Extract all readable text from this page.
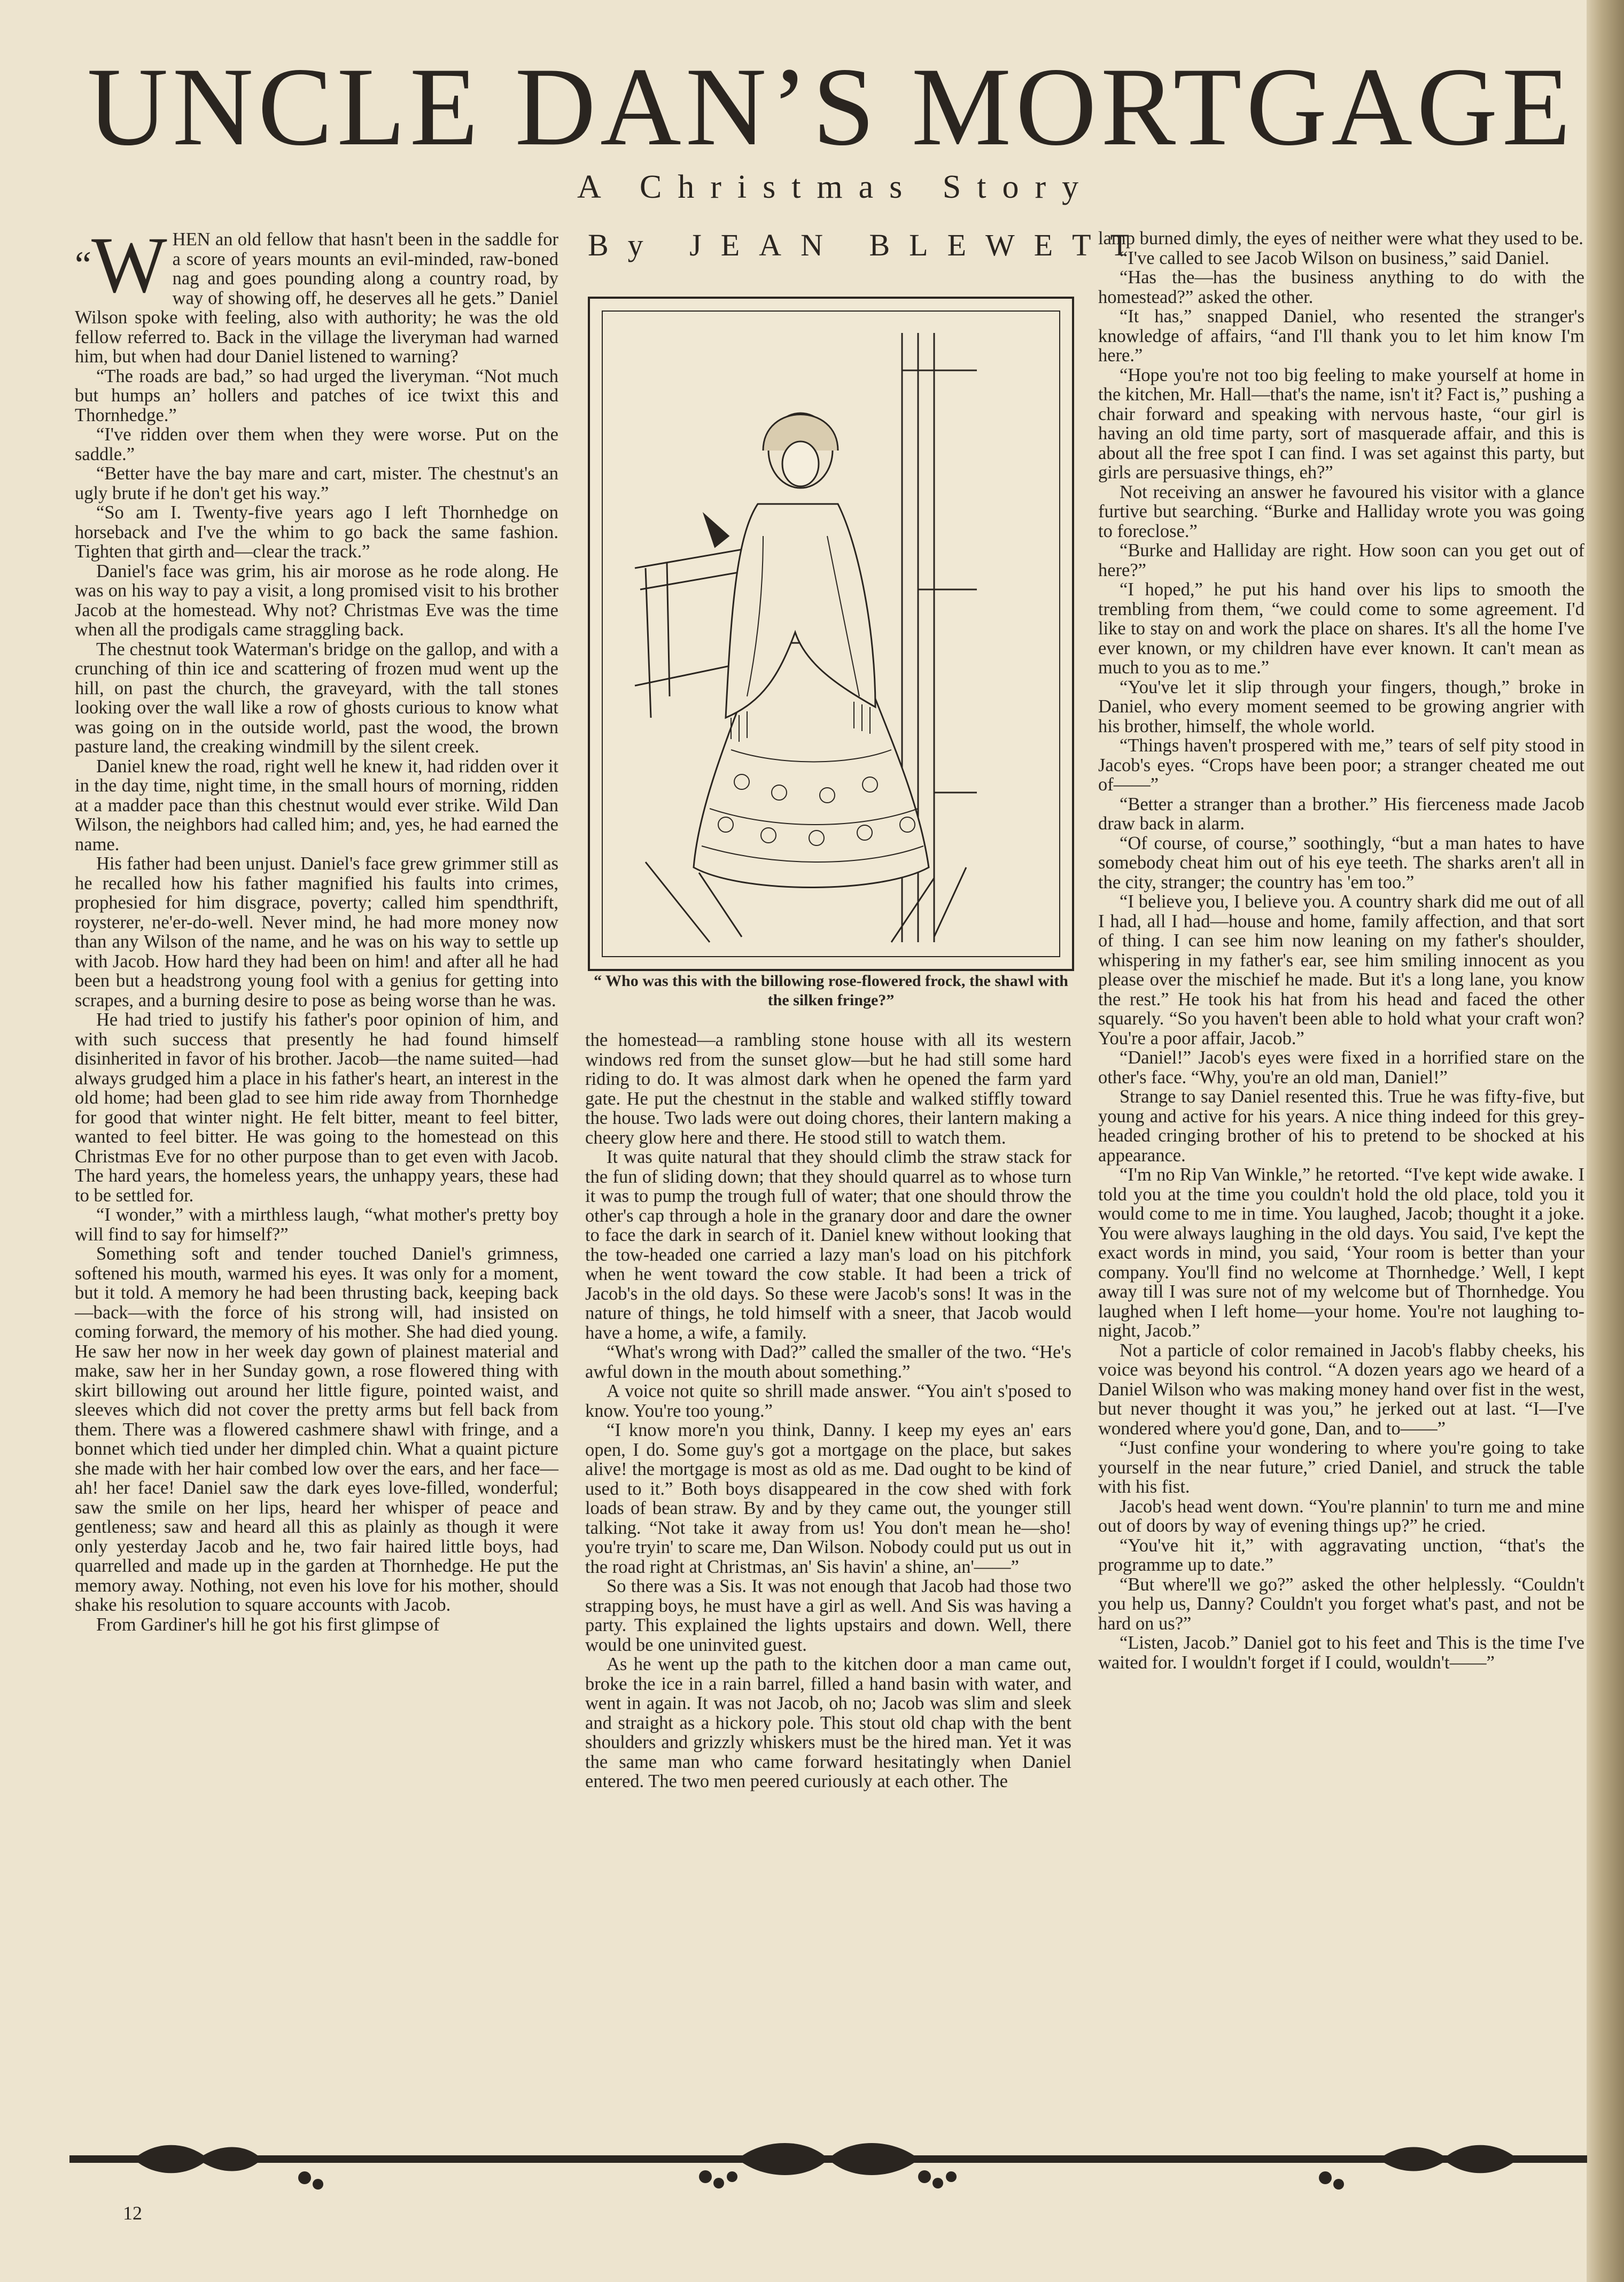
UNCLE DAN’S MORTGAGE
A Christmas Story
By JEAN BLEWETT

“W HEN an old fellow that hasn't been in the saddle for a score of years mounts an evil-minded, raw-boned nag and goes pounding along a country road, by way of showing off, he deserves all he gets.” Daniel Wilson spoke with feeling, also with authority; he was the old fellow referred to. Back in the village the liveryman had warned him, but when had dour Daniel listened to warning?

“The roads are bad,” so had urged the liveryman. “Not much but humps an’ hollers and patches of ice twixt this and Thornhedge.”

“I've ridden over them when they were worse. Put on the saddle.”

“Better have the bay mare and cart, mister. The chestnut's an ugly brute if he don't get his way.”

“So am I. Twenty-five years ago I left Thornhedge on horseback and I've the whim to go back the same fashion. Tighten that girth and—clear the track.”

Daniel's face was grim, his air morose as he rode along. He was on his way to pay a visit, a long promised visit to his brother Jacob at the homestead. Why not? Christmas Eve was the time when all the prodigals came straggling back.

The chestnut took Waterman's bridge on the gallop, and with a crunching of thin ice and scattering of frozen mud went up the hill, on past the church, the graveyard, with the tall stones looking over the wall like a row of ghosts curious to know what was going on in the outside world, past the wood, the brown pasture land, the creaking windmill by the silent creek.

Daniel knew the road, right well he knew it, had ridden over it in the day time, night time, in the small hours of morning, ridden at a madder pace than this chestnut would ever strike. Wild Dan Wilson, the neighbors had called him; and, yes, he had earned the name.

His father had been unjust. Daniel's face grew grimmer still as he recalled how his father magnified his faults into crimes, prophesied for him disgrace, poverty; called him spendthrift, roysterer, ne'er-do-well. Never mind, he had more money now than any Wilson of the name, and he was on his way to settle up with Jacob. How hard they had been on him! and after all he had been but a headstrong young fool with a genius for getting into scrapes, and a burning desire to pose as being worse than he was.

He had tried to justify his father's poor opinion of him, and with such success that presently he had found himself disinherited in favor of his brother. Jacob—the name suited—had always grudged him a place in his father's heart, an interest in the old home; had been glad to see him ride away from Thornhedge for good that winter night. He felt bitter, meant to feel bitter, wanted to feel bitter. He was going to the homestead on this Christmas Eve for no other purpose than to get even with Jacob. The hard years, the homeless years, the unhappy years, these had to be settled for.

“I wonder,” with a mirthless laugh, “what mother's pretty boy will find to say for himself?”

Something soft and tender touched Daniel's grimness, softened his mouth, warmed his eyes. It was only for a moment, but it told. A memory he had been thrusting back, keeping back—back—with the force of his strong will, had insisted on coming forward, the memory of his mother. She had died young. He saw her now in her week day gown of plainest material and make, saw her in her Sunday gown, a rose flowered thing with skirt billowing out around her little figure, pointed waist, and sleeves which did not cover the pretty arms but fell back from them. There was a flowered cashmere shawl with fringe, and a bonnet which tied under her dimpled chin. What a quaint picture she made with her hair combed low over the ears, and her face—ah! her face! Daniel saw the dark eyes love-filled, wonderful; saw the smile on her lips, heard her whisper of peace and gentleness; saw and heard all this as plainly as though it were only yesterday Jacob and he, two fair haired little boys, had quarrelled and made up in the garden at Thornhedge. He put the memory away. Nothing, not even his love for his mother, should shake his resolution to square accounts with Jacob.

From Gardiner's hill he got his first glimpse of

“ Who was this with the billowing rose-flowered frock, the shawl with the silken fringe?”

the homestead—a rambling stone house with all its western windows red from the sunset glow—but he had still some hard riding to do. It was almost dark when he opened the farm yard gate. He put the chestnut in the stable and walked stiffly toward the house. Two lads were out doing chores, their lantern making a cheery glow here and there. He stood still to watch them.

It was quite natural that they should climb the straw stack for the fun of sliding down; that they should quarrel as to whose turn it was to pump the trough full of water; that one should throw the other's cap through a hole in the granary door and dare the owner to face the dark in search of it. Daniel knew without looking that the tow-headed one carried a lazy man's load on his pitchfork when he went toward the cow stable. It had been a trick of Jacob's in the old days. So these were Jacob's sons! It was in the nature of things, he told himself with a sneer, that Jacob would have a home, a wife, a family.

“What's wrong with Dad?” called the smaller of the two. “He's awful down in the mouth about something.”

A voice not quite so shrill made answer. “You ain't s'posed to know. You're too young.”

“I know more'n you think, Danny. I keep my eyes an' ears open, I do. Some guy's got a mortgage on the place, but sakes alive! the mortgage is most as old as me. Dad ought to be kind of used to it.” Both boys disappeared in the cow shed with fork loads of bean straw. By and by they came out, the younger still talking. “Not take it away from us! You don't mean he—sho! you're tryin' to scare me, Dan Wilson. Nobody could put us out in the road right at Christmas, an' Sis havin' a shine, an'——”

So there was a Sis. It was not enough that Jacob had those two strapping boys, he must have a girl as well. And Sis was having a party. This explained the lights upstairs and down. Well, there would be one uninvited guest.

As he went up the path to the kitchen door a man came out, broke the ice in a rain barrel, filled a hand basin with water, and went in again. It was not Jacob, oh no; Jacob was slim and sleek and straight as a hickory pole. This stout old chap with the bent shoulders and grizzly whiskers must be the hired man. Yet it was the same man who came forward hesitatingly when Daniel entered. The two men peered curiously at each other. The

lamp burned dimly, the eyes of neither were what they used to be.

“I've called to see Jacob Wilson on business,” said Daniel.

“Has the—has the business anything to do with the homestead?” asked the other.

“It has,” snapped Daniel, who resented the stranger's knowledge of affairs, “and I'll thank you to let him know I'm here.”

“Hope you're not too big feeling to make yourself at home in the kitchen, Mr. Hall—that's the name, isn't it? Fact is,” pushing a chair forward and speaking with nervous haste, “our girl is having an old time party, sort of masquerade affair, and this is about all the free spot I can find. I was set against this party, but girls are persuasive things, eh?”

Not receiving an answer he favoured his visitor with a glance furtive but searching. “Burke and Halliday wrote you was going to foreclose.”

“Burke and Halliday are right. How soon can you get out of here?”

“I hoped,” he put his hand over his lips to smooth the trembling from them, “we could come to some agreement. I'd like to stay on and work the place on shares. It's all the home I've ever known, or my children have ever known. It can't mean as much to you as to me.”

“You've let it slip through your fingers, though,” broke in Daniel, who every moment seemed to be growing angrier with his brother, himself, the whole world.

“Things haven't prospered with me,” tears of self pity stood in Jacob's eyes. “Crops have been poor; a stranger cheated me out of——”

“Better a stranger than a brother.” His fierceness made Jacob draw back in alarm.

“Of course, of course,” soothingly, “but a man hates to have somebody cheat him out of his eye teeth. The sharks aren't all in the city, stranger; the country has 'em too.”

“I believe you, I believe you. A country shark did me out of all I had, all I had—house and home, family affection, and that sort of thing. I can see him now leaning on my father's shoulder, whispering in my father's ear, see him smiling innocent as you please over the mischief he made. But it's a long lane, you know the rest.” He took his hat from his head and faced the other squarely. “So you haven't been able to hold what your craft won? You're a poor affair, Jacob.”

“Daniel!” Jacob's eyes were fixed in a horrified stare on the other's face. “Why, you're an old man, Daniel!”

Strange to say Daniel resented this. True he was fifty-five, but young and active for his years. A nice thing indeed for this grey-headed cringing brother of his to pretend to be shocked at his appearance.

“I'm no Rip Van Winkle,” he retorted. “I've kept wide awake. I told you at the time you couldn't hold the old place, told you it would come to me in time. You laughed, Jacob; thought it a joke. You were always laughing in the old days. You said, I've kept the exact words in mind, you said, ‘Your room is better than your company. You'll find no welcome at Thornhedge.’ Well, I kept away till I was sure not of my welcome but of Thornhedge. You laughed when I left home—your home. You're not laughing to-night, Jacob.”

Not a particle of color remained in Jacob's flabby cheeks, his voice was beyond his control. “A dozen years ago we heard of a Daniel Wilson who was making money hand over fist in the west, but never thought it was you,” he jerked out at last. “I—I've wondered where you'd gone, Dan, and to——”

“Just confine your wondering to where you're going to take yourself in the near future,” cried Daniel, and struck the table with his fist.

Jacob's head went down. “You're plannin' to turn me and mine out of doors by way of evening things up?” he cried.

“You've hit it,” with aggravating unction, “that's the programme up to date.”

“But where'll we go?” asked the other helplessly. “Couldn't you help us, Danny? Couldn't you forget what's past, and not be hard on us?”

“Listen, Jacob.” Daniel got to his feet and This is the time I've waited for. I wouldn't forget if I could, wouldn't——”

12
